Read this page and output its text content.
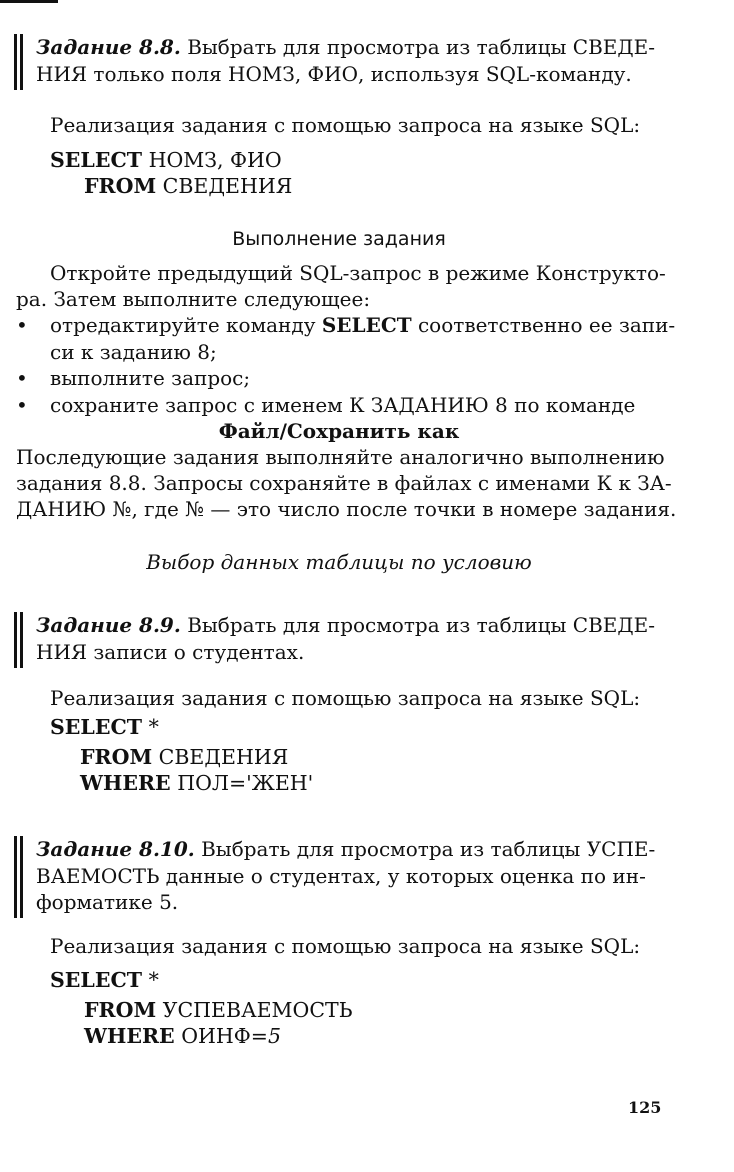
Задание 8.8. Выбрать для просмотра из таблицы СВЕДЕ-
НИЯ только поля НОМЗ, ФИО, используя SQL-команду.
Реализация задания с помощью запроса на языке SQL:
SELECT НОМЗ, ФИО
FROM СВЕДЕНИЯ
Выполнение задания
Откройте предыдущий SQL-запрос в режиме Конструкто-
ра. Затем выполните следующее:
• отредактируйте команду SELECT соответственно ее запи-
си к заданию 8;
• выполните запрос;
• сохраните запрос с именем К ЗАДАНИЮ 8 по команде
Файл/Сохранить как
Последующие задания выполняйте аналогично выполнению
задания 8.8. Запросы сохраняйте в файлах с именами К к ЗА-
ДАНИЮ №, где № — это число после точки в номере задания.
Выбор данных таблицы по условию
Задание 8.9. Выбрать для просмотра из таблицы СВЕДЕ-
НИЯ записи о студентах.
Реализация задания с помощью запроса на языке SQL:
SELECT *
FROM СВЕДЕНИЯ
WHERE ПОЛ='ЖЕН'
Задание 8.10. Выбрать для просмотра из таблицы УСПЕ-
ВАЕМОСТЬ данные о студентах, у которых оценка по ин-
форматике 5.
Реализация задания с помощью запроса на языке SQL:
SELECT *
FROM УСПЕВАЕМОСТЬ
WHERE ОИНФ=5
125
